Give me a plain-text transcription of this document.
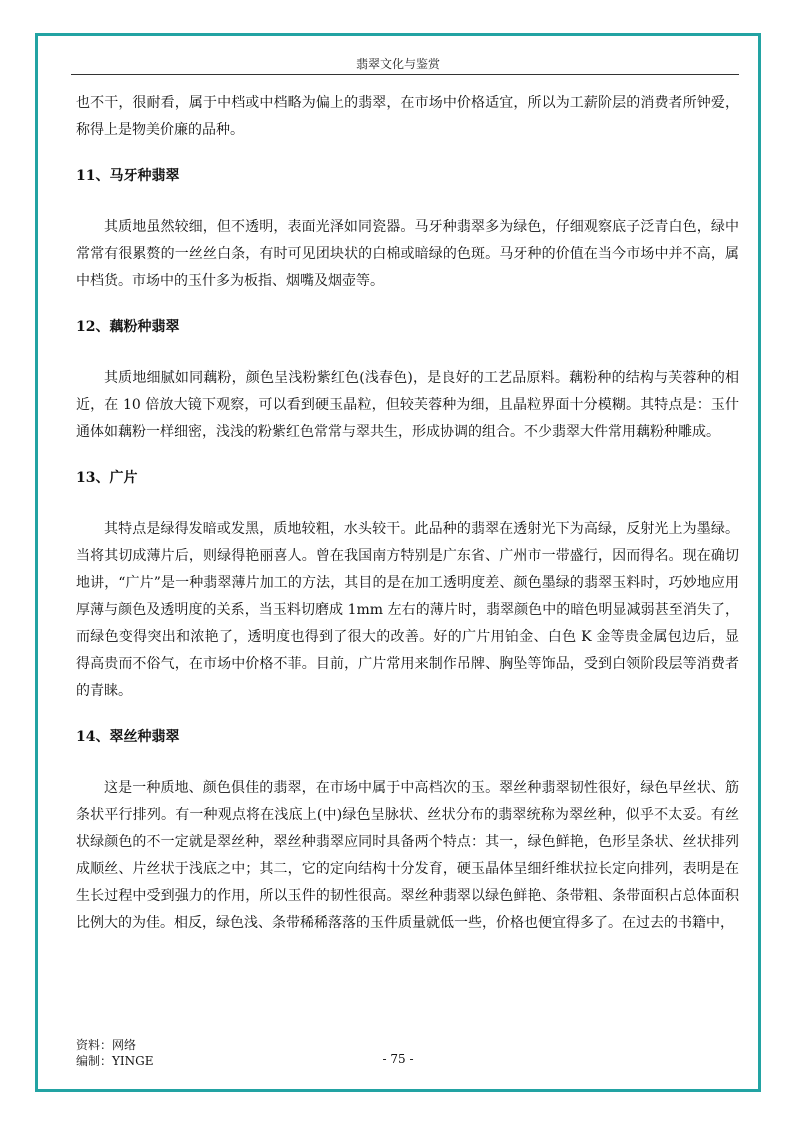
翡翠文化与鉴赏

也不干，很耐看，属于中档或中档略为偏上的翡翠，在市场中价格适宜，所以为工薪阶层的消费者所钟爱，称得上是物美价廉的品种。

11、马牙种翡翠

其质地虽然较细，但不透明，表面光泽如同瓷器。马牙种翡翠多为绿色，仔细观察底子泛青白色，绿中常常有很累赘的一丝丝白条，有时可见团块状的白棉或暗绿的色斑。马牙种的价值在当今市场中并不高，属中档货。市场中的玉什多为板指、烟嘴及烟壶等。

12、藕粉种翡翠

其质地细腻如同藕粉，颜色呈浅粉紫红色(浅春色)，是良好的工艺品原料。藕粉种的结构与芙蓉种的相近，在 10 倍放大镜下观察，可以看到硬玉晶粒，但较芙蓉种为细，且晶粒界面十分模糊。其特点是：玉什通体如藕粉一样细密，浅浅的粉紫红色常常与翠共生，形成协调的组合。不少翡翠大件常用藕粉种雕成。

13、广片

其特点是绿得发暗或发黑，质地较粗，水头较干。此品种的翡翠在透射光下为高绿，反射光上为墨绿。当将其切成薄片后，则绿得艳丽喜人。曾在我国南方特别是广东省、广州市一带盛行，因而得名。现在确切地讲，“广片”是一种翡翠薄片加工的方法，其目的是在加工透明度差、颜色墨绿的翡翠玉料时，巧妙地应用厚薄与颜色及透明度的关系，当玉料切磨成 1mm 左右的薄片时，翡翠颜色中的暗色明显减弱甚至消失了，而绿色变得突出和浓艳了，透明度也得到了很大的改善。好的广片用铂金、白色 K 金等贵金属包边后，显得高贵而不俗气，在市场中价格不菲。目前，广片常用来制作吊牌、胸坠等饰品，受到白领阶段层等消费者的青睐。

14、翠丝种翡翠

这是一种质地、颜色俱佳的翡翠，在市场中属于中高档次的玉。翠丝种翡翠韧性很好，绿色早丝状、筋条状平行排列。有一种观点将在浅底上(中)绿色呈脉状、丝状分布的翡翠统称为翠丝种，似乎不太妥。有丝状绿颜色的不一定就是翠丝种，翠丝种翡翠应同时具备两个特点：其一，绿色鲜艳，色形呈条状、丝状排列成顺丝、片丝状于浅底之中；其二，它的定向结构十分发育，硬玉晶体呈细纤维状拉长定向排列，表明是在生长过程中受到强力的作用，所以玉件的韧性很高。翠丝种翡翠以绿色鲜艳、条带粗、条带面积占总体面积比例大的为佳。相反，绿色浅、条带稀稀落落的玉件质量就低一些，价格也便宜得多了。在过去的书籍中，

资料：网络
编制：YINGE	- 75 -
